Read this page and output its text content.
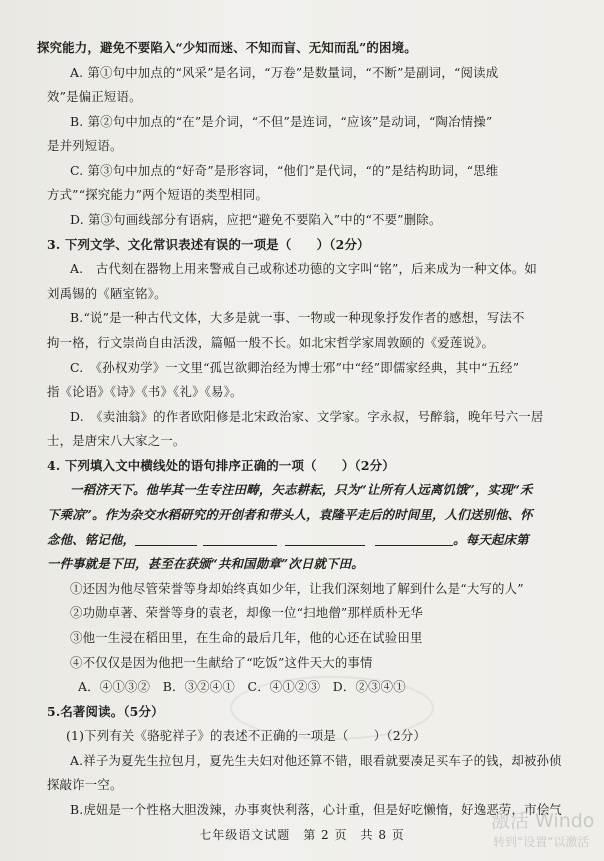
探究能力，避免不要陷入“少知而迷、不知而盲、无知而乱”的困境。
A. 第①句中加点的“风采”是名词，“万卷”是数量词，“不断”是副词，“阅读成
效”是偏正短语。
B. 第②句中加点的“在”是介词，“不但”是连词，“应该”是动词，“陶冶情操”
是并列短语。
C. 第③句中加点的“好奇”是形容词，“他们”是代词，“的”是结构助词，“思维
方式”“探究能力”两个短语的类型相同。
D. 第③句画线部分有语病，应把“避免不要陷入”中的“不要”删除。
3. 下列文学、文化常识表述有误的一项是（　　）（2分）
A.　古代刻在器物上用来警戒自己或称述功德的文字叫“铭”，后来成为一种文体。如
刘禹锡的《陋室铭》。
B.“说”是一种古代文体，大多是就一事、一物或一种现象抒发作者的感想，写法不
拘一格，行文崇尚自由活泼，篇幅一般不长。如北宋哲学家周敦颐的《爱莲说》。
C.　《孙权劝学》一文里“孤岂欲卿治经为博士邪”中“经”即儒家经典，其中“五经”
指《论语》《诗》《书》《礼》《易》。
D.　《卖油翁》的作者欧阳修是北宋政治家、文学家。字永叔，号醉翁，晚年号六一居
士，是唐宋八大家之一。
4. 下列填入文中横线处的语句排序正确的一项（　　）（2分）
一稻济天下。他毕其一生专注田畴，矢志耕耘，只为“让所有人远离饥饿”，实现“禾
下乘凉”。作为杂交水稻研究的开创者和带头人，袁隆平走后的时间里，人们送别他、怀
念他、铭记他，	。每天起床第
一件事就是下田，甚至在获颁“共和国勋章”次日就下田。
①还因为他尽管荣誉等身却始终真如少年，让我们深刻地了解到什么是“大写的人”
②功勋卓著、荣誉等身的袁老，却像一位“扫地僧”那样质朴无华
③他一生浸在稻田里，在生命的最后几年，他的心还在试验田里
④不仅仅是因为他把一生献给了“吃饭”这件天大的事情
A．④①③②　B．③②④①　C．④①②③　D．②③④①
5.名著阅读。（5分）
(1)下列有关《骆驼祥子》的表述不正确的一项是（　　）（2分）
A.祥子为夏先生拉包月，夏先生夫妇对他还算不错，眼看就要凑足买车子的钱，却被孙侦
探敲诈一空。
B.虎妞是一个性格大胆泼辣，办事爽快利落，心计重，但是好吃懒惰，好逸恶劳，市侩气
七年级语文试题　第 2 页　共 8 页
激活 Windo
转到“设置”以激活
